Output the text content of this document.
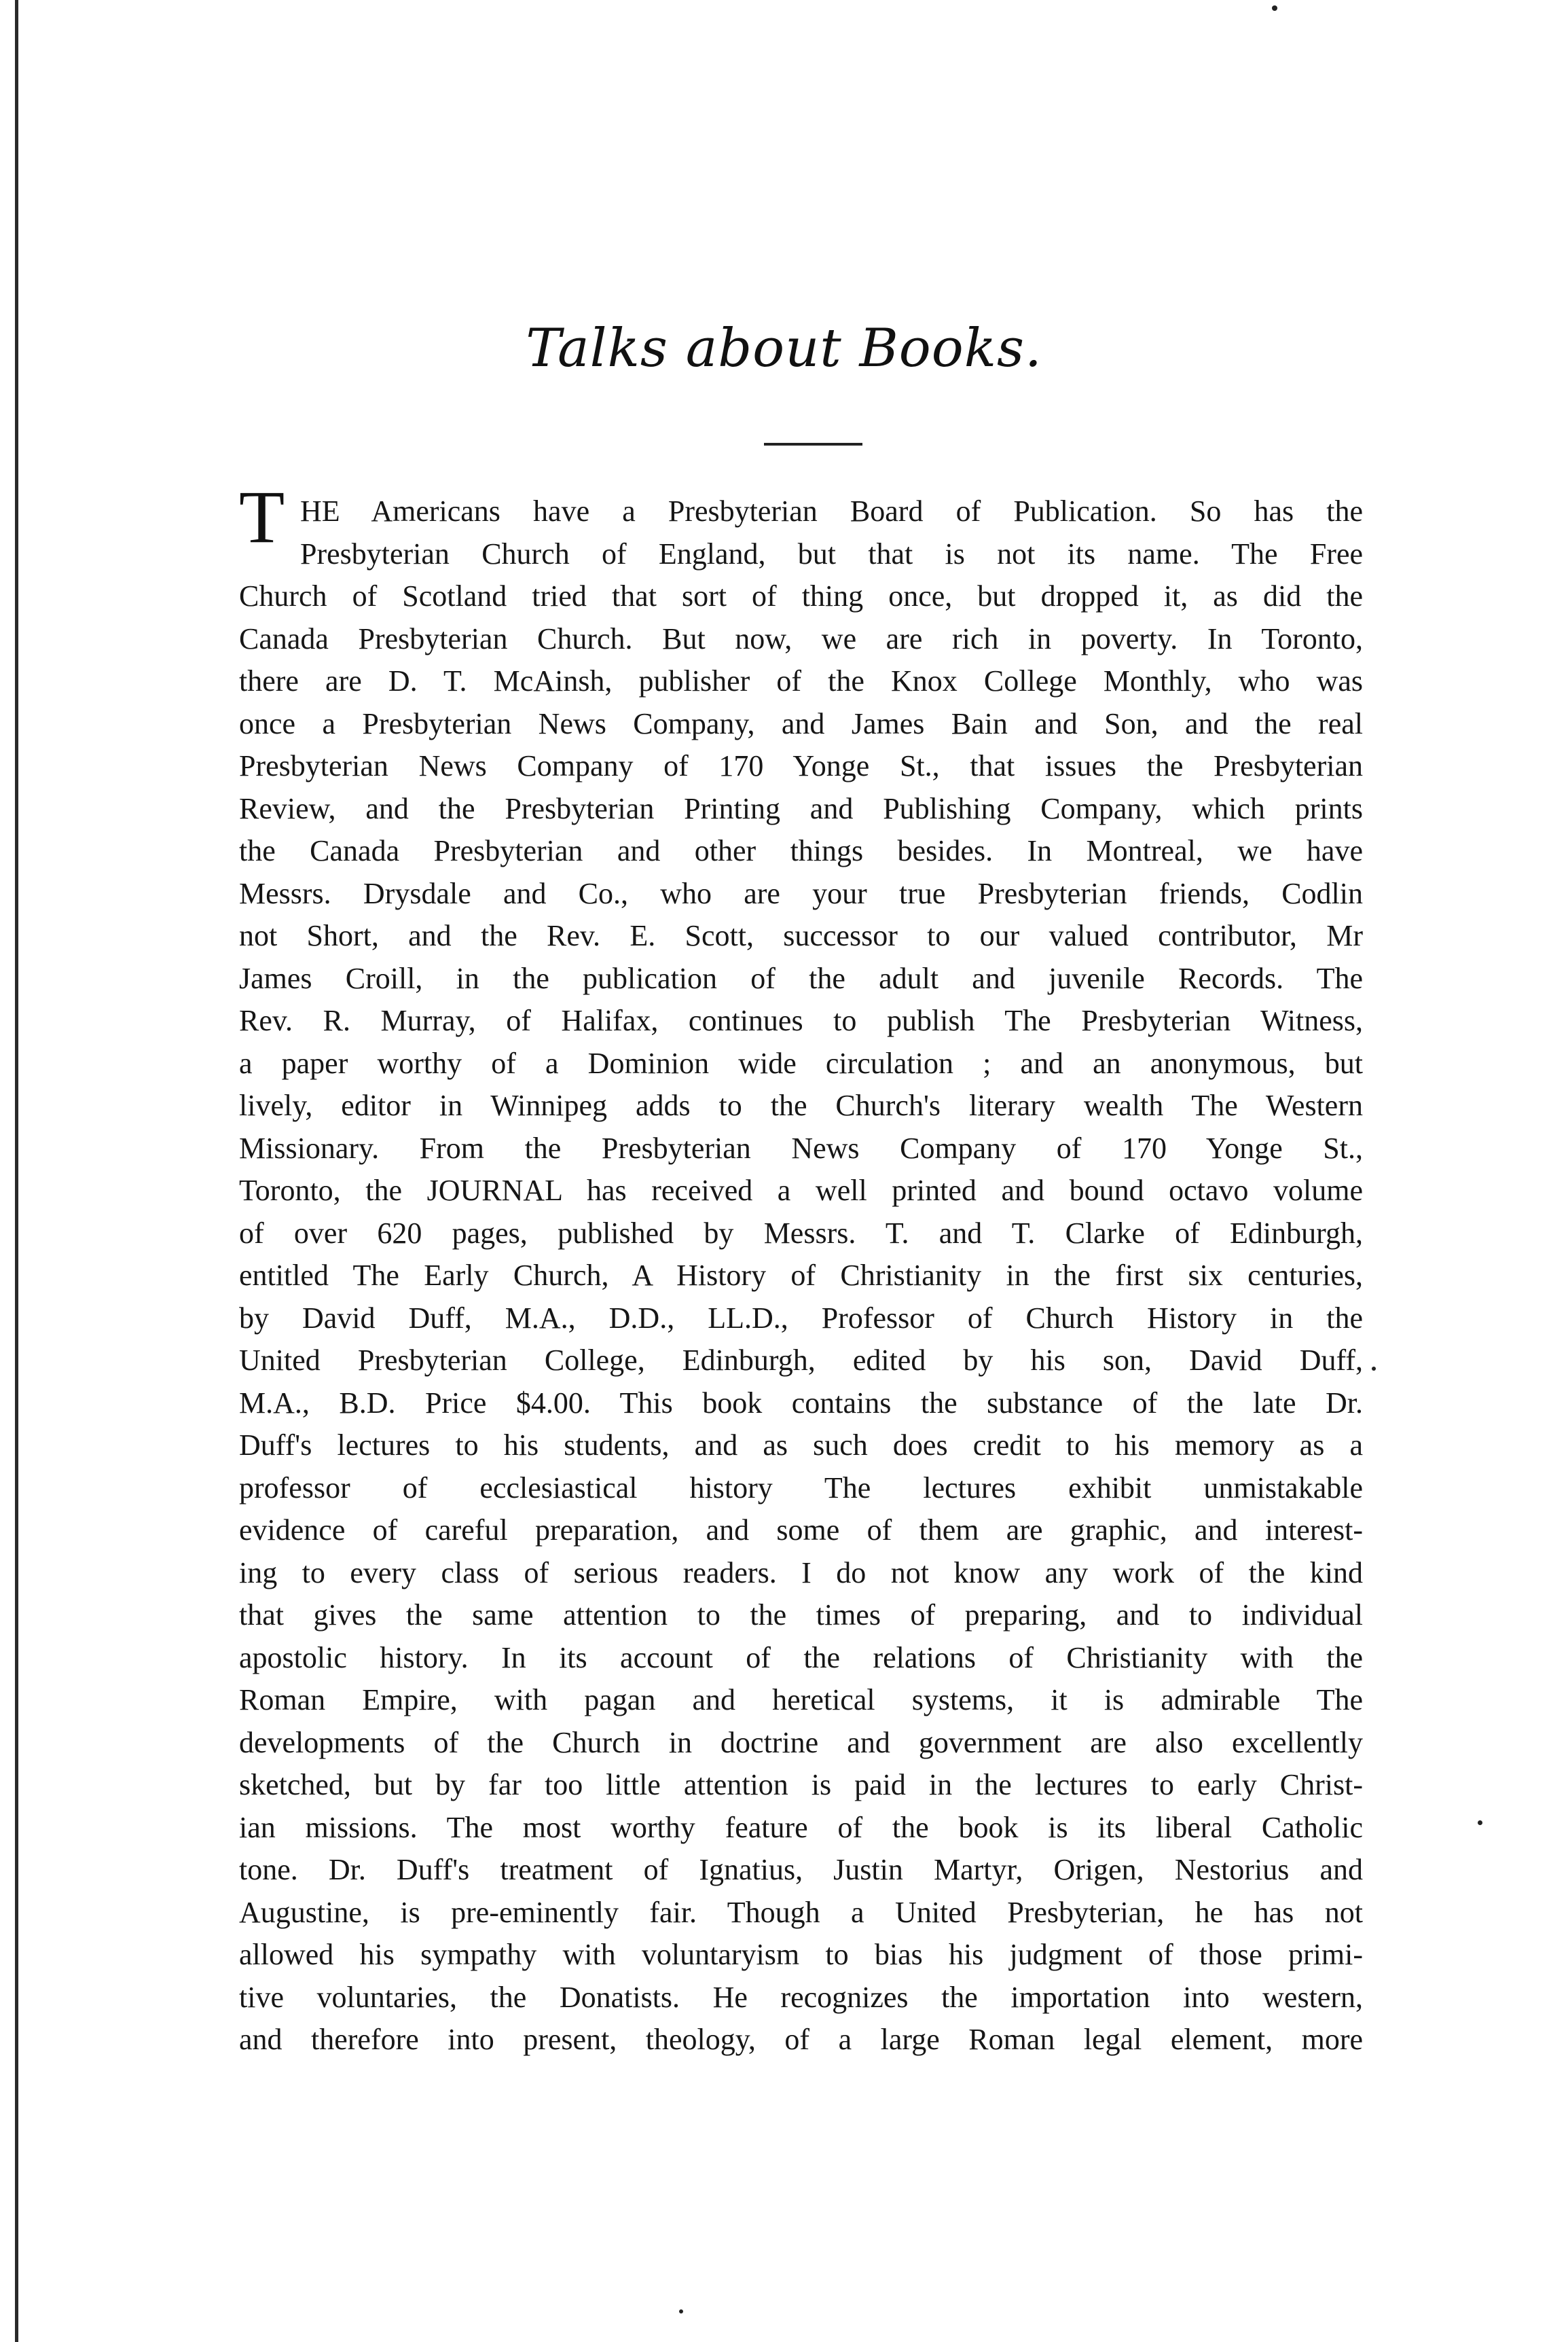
Talks about Books.
T HE Americans have a Presbyterian Board of Publication. So has the
Presbyterian Church of England, but that is not its name. The Free
Church of Scotland tried that sort of thing once, but dropped it, as did the
Canada Presbyterian Church. But now, we are rich in poverty. In Toronto,
there are D. T. McAinsh, publisher of the Knox College Monthly, who was
once a Presbyterian News Company, and James Bain and Son, and the real
Presbyterian News Company of 170 Yonge St., that issues the Presbyterian
Review, and the Presbyterian Printing and Publishing Company, which prints
the Canada Presbyterian and other things besides. In Montreal, we have
Messrs. Drysdale and Co., who are your true Presbyterian friends, Codlin
not Short, and the Rev. E. Scott, successor to our valued contributor, Mr
James Croill, in the publication of the adult and juvenile Records. The
Rev. R. Murray, of Halifax, continues to publish The Presbyterian Witness,
a paper worthy of a Dominion wide circulation ; and an anonymous, but
lively, editor in Winnipeg adds to the Church's literary wealth The Western
Missionary. From the Presbyterian News Company of 170 Yonge St.,
Toronto, the JOURNAL has received a well printed and bound octavo volume
of over 620 pages, published by Messrs. T. and T. Clarke of Edinburgh,
entitled The Early Church, A History of Christianity in the first six centuries,
by David Duff, M.A., D.D., LL.D., Professor of Church History in the
United Presbyterian College, Edinburgh, edited by his son, David Duff,
M.A., B.D. Price $4.00. This book contains the substance of the late Dr.
Duff's lectures to his students, and as such does credit to his memory as a
professor of ecclesiastical history The lectures exhibit unmistakable
evidence of careful preparation, and some of them are graphic, and interest-
ing to every class of serious readers. I do not know any work of the kind
that gives the same attention to the times of preparing, and to individual
apostolic history. In its account of the relations of Christianity with the
Roman Empire, with pagan and heretical systems, it is admirable The
developments of the Church in doctrine and government are also excellently
sketched, but by far too little attention is paid in the lectures to early Christ-
ian missions. The most worthy feature of the book is its liberal Catholic
tone. Dr. Duff's treatment of Ignatius, Justin Martyr, Origen, Nestorius and
Augustine, is pre-eminently fair. Though a United Presbyterian, he has not
allowed his sympathy with voluntaryism to bias his judgment of those primi-
tive voluntaries, the Donatists. He recognizes the importation into western,
and therefore into present, theology, of a large Roman legal element, more
